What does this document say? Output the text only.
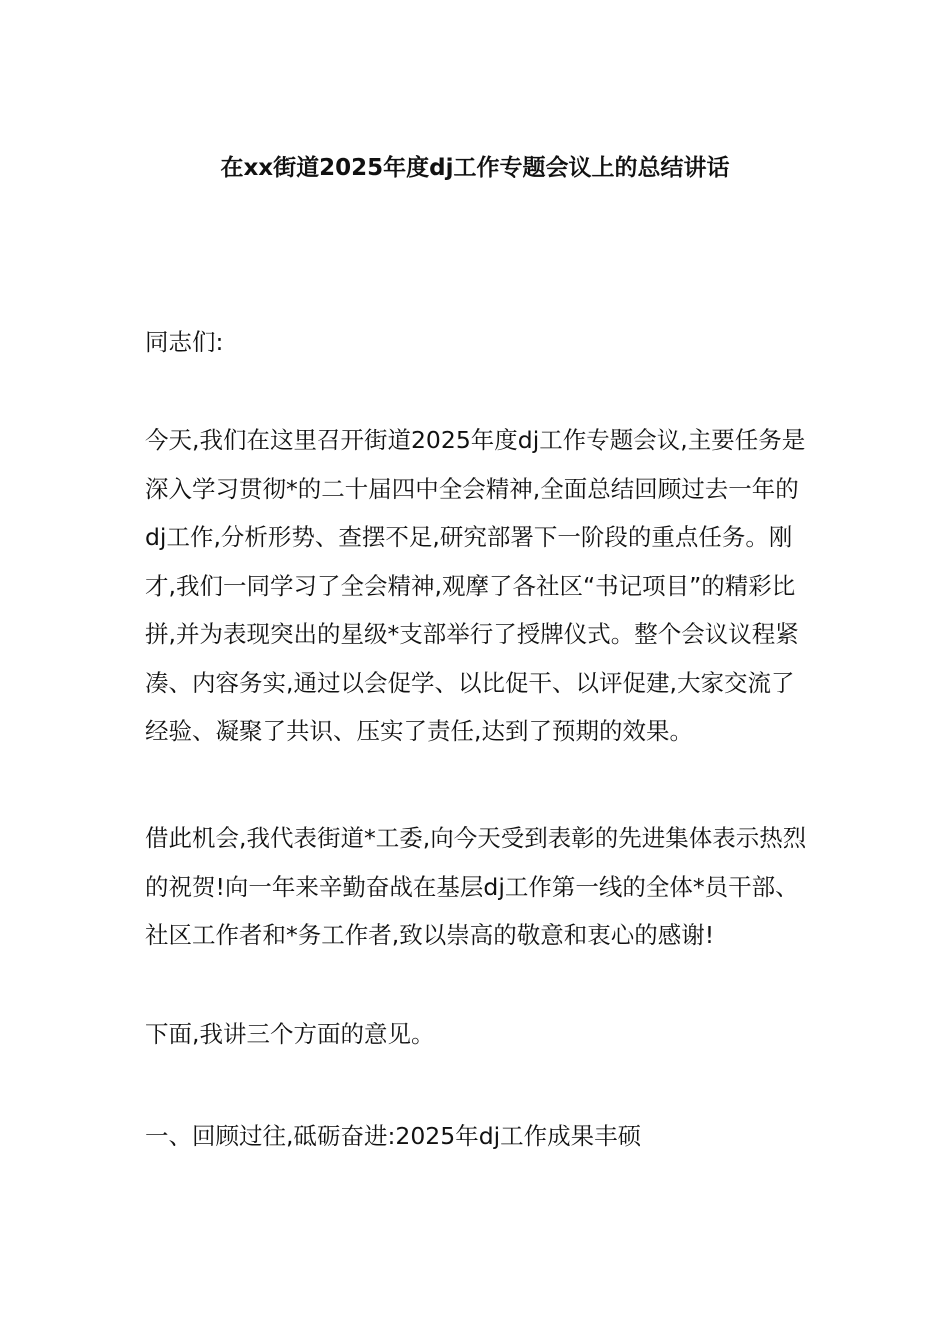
在xx街道2025年度dj工作专题会议上的总结讲话

同志们:

今天,我们在这里召开街道2025年度dj工作专题会议,主要任务是深入学习贯彻*的二十届四中全会精神,全面总结回顾过去一年的dj工作,分析形势、查摆不足,研究部署下一阶段的重点任务。刚才,我们一同学习了全会精神,观摩了各社区“书记项目”的精彩比拼,并为表现突出的星级*支部举行了授牌仪式。整个会议议程紧凑、内容务实,通过以会促学、以比促干、以评促建,大家交流了经验、凝聚了共识、压实了责任,达到了预期的效果。

借此机会,我代表街道*工委,向今天受到表彰的先进集体表示热烈的祝贺!向一年来辛勤奋战在基层dj工作第一线的全体*员干部、社区工作者和*务工作者,致以崇高的敬意和衷心的感谢!

下面,我讲三个方面的意见。

一、回顾过往,砥砺奋进:2025年dj工作成果丰硕
